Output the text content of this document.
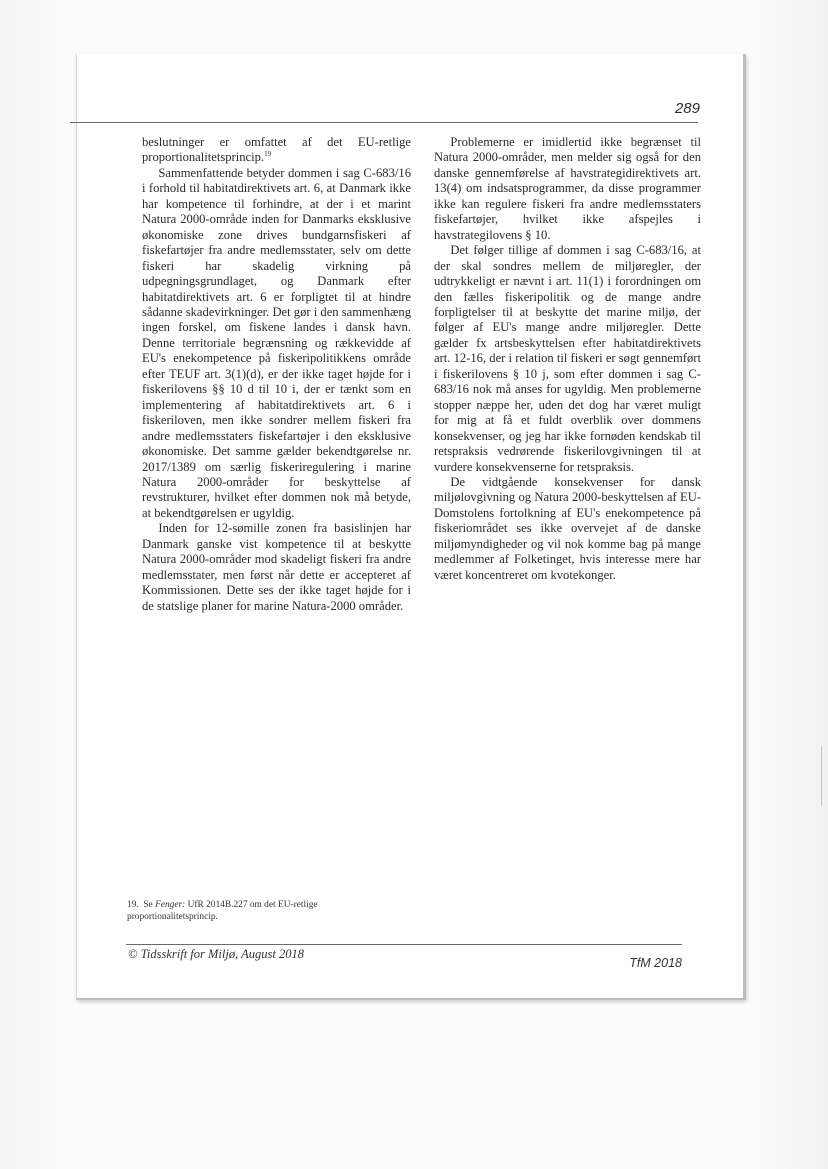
289

beslutninger er omfattet af det EU-retlige proportionalitetsprincip.$^{19}$

Sammenfattende betyder dommen i sag C-683/16 i forhold til habitatdirektivets art. 6, at Danmark ikke har kompetence til forhindre, at der i et marint Natura 2000-område inden for Danmarks eksklusive økonomiske zone drives bundgarnsfiskeri af fiskefartøjer fra andre medlemsstater, selv om dette fiskeri har skadelig virkning på udpegningsgrundlaget, og Danmark efter habitatdirektivets art. 6 er forpligtet til at hindre sådanne skadevirkninger. Det gør i den sammenhæng ingen forskel, om fiskene landes i dansk havn. Denne territoriale begrænsning og rækkevidde af EU's enekompetence på fiskeripolitikkens område efter TEUF art. 3(1)(d), er der ikke taget højde for i fiskerilovens §§ 10 d til 10 i, der er tænkt som en implementering af habitatdirektivets art. 6 i fiskeriloven, men ikke sondrer mellem fiskeri fra andre medlemsstaters fiskefartøjer i den eksklusive økonomiske. Det samme gælder bekendtgørelse nr. 2017/1389 om særlig fiskeriregulering i marine Natura 2000-områder for beskyttelse af revstrukturer, hvilket efter dommen nok må betyde, at bekendtgørelsen er ugyldig.

Inden for 12-sømille zonen fra basislinjen har Danmark ganske vist kompetence til at beskytte Natura 2000-områder mod skadeligt fiskeri fra andre medlemsstater, men først når dette er accepteret af Kommissionen. Dette ses der ikke taget højde for i de statslige planer for marine Natura-2000 områder.

Problemerne er imidlertid ikke begrænset til Natura 2000-områder, men melder sig også for den danske gennemførelse af havstrategidirektivets art. 13(4) om indsatsprogrammer, da disse programmer ikke kan regulere fiskeri fra andre medlemsstaters fiskefartøjer, hvilket ikke afspejles i havstrategilovens § 10.

Det følger tillige af dommen i sag C-683/16, at der skal sondres mellem de miljøregler, der udtrykkeligt er nævnt i art. 11(1) i forordningen om den fælles fiskeripolitik og de mange andre forpligtelser til at beskytte det marine miljø, der følger af EU's mange andre miljøregler. Dette gælder fx artsbeskyttelsen efter habitatdirektivets art. 12-16, der i relation til fiskeri er søgt gennemført i fiskerilovens § 10 j, som efter dommen i sag C-683/16 nok må anses for ugyldig. Men problemerne stopper næppe her, uden det dog har været muligt for mig at få et fuldt overblik over dommens konsekvenser, og jeg har ikke fornøden kendskab til retspraksis vedrørende fiskerilovgivningen til at vurdere konsekvenserne for retspraksis.

De vidtgående konsekvenser for dansk miljølovgivning og Natura 2000-beskyttelsen af EU-Domstolens fortolkning af EU's enekompetence på fiskeriområdet ses ikke overvejet af de danske miljømyndigheder og vil nok komme bag på mange medlemmer af Folketinget, hvis interesse mere har været koncentreret om kvotekonger.

19. Se Fenger: UfR 2014B.227 om det EU-retlige proportionalitetsprincip.
© Tidsskrift for Miljø, August 2018
TfM 2018
